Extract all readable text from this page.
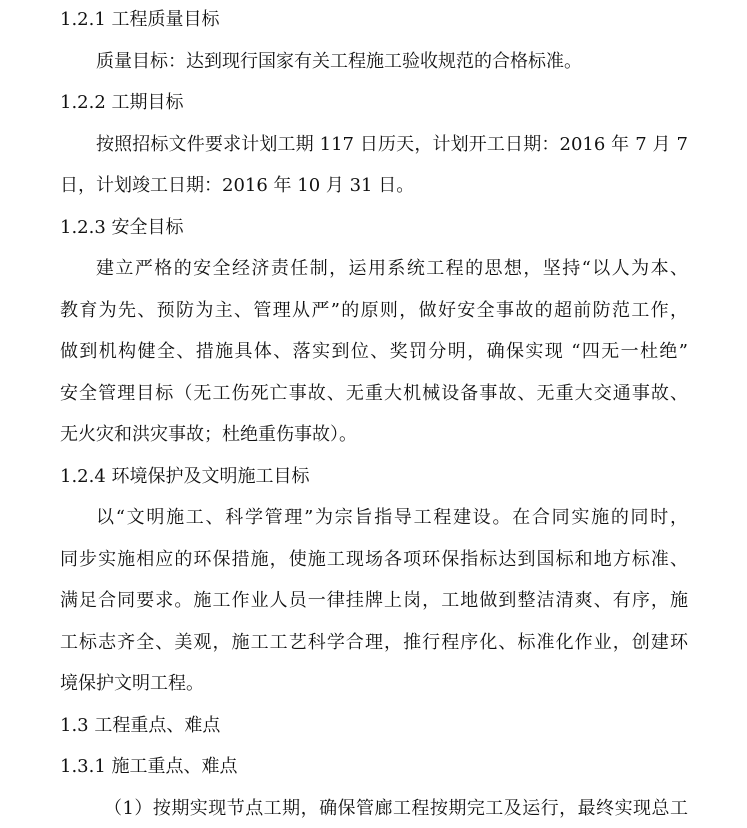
1.2.1 工程质量目标
质量目标：达到现行国家有关工程施工验收规范的合格标准。
1.2.2 工期目标
按照招标文件要求计划工期 117 日历天，计划开工日期：2016 年 7 月 7
日，计划竣工日期：2016 年 10 月 31 日。
1.2.3 安全目标
建立严格的安全经济责任制，运用系统工程的思想，坚持“以人为本、
教育为先、预防为主、管理从严”的原则，做好安全事故的超前防范工作，
做到机构健全、措施具体、落实到位、奖罚分明，确保实现 “四无一杜绝”
安全管理目标（无工伤死亡事故、无重大机械设备事故、无重大交通事故、
无火灾和洪灾事故；杜绝重伤事故）。
1.2.4 环境保护及文明施工目标
以“文明施工、科学管理”为宗旨指导工程建设。在合同实施的同时，
同步实施相应的环保措施，使施工现场各项环保指标达到国标和地方标准、
满足合同要求。施工作业人员一律挂牌上岗，工地做到整洁清爽、有序，施
工标志齐全、美观，施工工艺科学合理，推行程序化、标准化作业，创建环
境保护文明工程。
1.3 工程重点、难点
1.3.1 施工重点、难点
（1）按期实现节点工期，确保管廊工程按期完工及运行，最终实现总工
